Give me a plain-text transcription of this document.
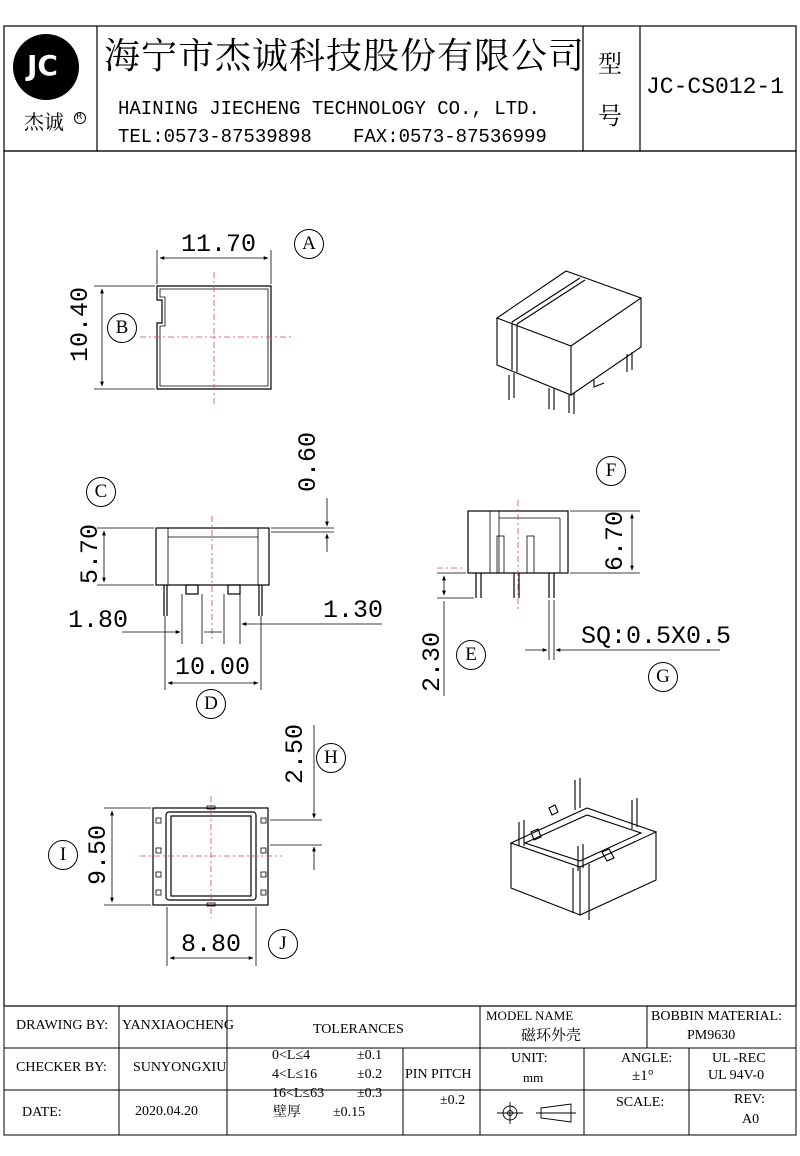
JC
杰诚 R
海宁市杰诚科技股份有限公司
HAINING JIECHENG TECHNOLOGY CO., LTD.
TEL:0573-87539898 FAX:0573-87536999
型
号
JC-CS012-1
11.70
10.40
0.60
5.70
1.80	1.30
10.00
6.70
2.30	SQ:0.5X0.5
2.50
9.50
8.80
A
B
C
D
E
F
G
H
I
J
DRAWING BY: YANXIAOCHENG
CHECKER BY: SUNYONGXIU
DATE:	2020.04.20
TOLERANCES
0<L≤4	±0.1
4<L≤16	±0.2
16<L≤63 ±0.3
壁厚 ±0.15
PIN PITCH
±0.2
MODEL NAME
磁环外壳
UNIT:
mm
BOBBIN MATERIAL:
PM9630
ANGLE:
±1°
UL -REC
UL 94V-0
SCALE:	REV:
A0
